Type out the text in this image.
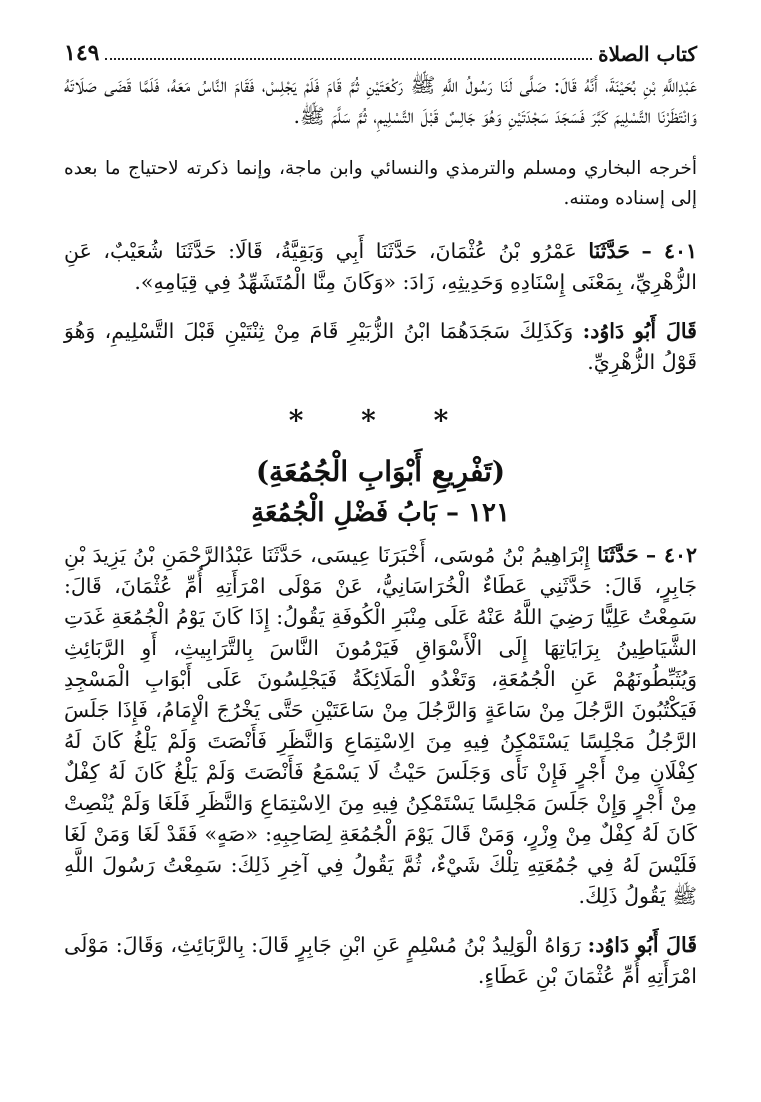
كتاب الصلاة
١٤٩

عَبْدِاللَّهِ بْنِ بُحَيْنَةَ، أَنَّهُ قَالَ: صَلَّى لَنَا رَسُولُ اللَّهِ ﷺ رَكْعَتَيْنِ ثُمَّ قَامَ فَلَمْ يَجْلِسْ، فَقَامَ النَّاسُ مَعَهُ، فَلَمَّا قَضَى صَلَاتَهُ وَانْتَظَرْنَا التَّسْلِيمَ كَبَّرَ فَسَجَدَ سَجْدَتَيْنِ وَهُوَ جَالِسٌ قَبْلَ التَّسْلِيمِ، ثُمَّ سَلَّمَ ﷺ.

أخرجه البخاري ومسلم والترمذي والنسائي وابن ماجة، وإنما ذكرته لاحتياج ما بعده إلى إسناده ومتنه.

٤٠١ – حَدَّثَنَا عَمْرُو بْنُ عُثْمَانَ، حَدَّثَنَا أَبِي وَبَقِيَّةُ، قَالَا: حَدَّثَنَا شُعَيْبٌ، عَنِ الزُّهْرِيِّ، بِمَعْنَى إِسْنَادِهِ وَحَدِيثِهِ، زَادَ: «وَكَانَ مِنَّا الْمُتَشَهِّدُ فِي قِيَامِهِ».

قَالَ أَبُو دَاوُد: وَكَذَلِكَ سَجَدَهُمَا ابْنُ الزُّبَيْرِ قَامَ مِنْ ثِنْتَيْنِ قَبْلَ التَّسْلِيمِ، وَهُوَ قَوْلُ الزُّهْرِيِّ.

* * *
(تَفْرِيعِ أَبْوَابِ الْجُمُعَةِ)
١٢١ – بَابُ فَضْلِ الْجُمُعَةِ

٤٠٢ – حَدَّثَنَا إِبْرَاهِيمُ بْنُ مُوسَى، أَخْبَرَنَا عِيسَى، حَدَّثَنَا عَبْدُالرَّحْمَنِ بْنُ يَزِيدَ بْنِ جَابِرٍ، قَالَ: حَدَّثَنِي عَطَاءٌ الْخُرَاسَانِيُّ، عَنْ مَوْلَى امْرَأَتِهِ أُمِّ عُثْمَانَ، قَالَ: سَمِعْتُ عَلِيًّا رَضِيَ اللَّهُ عَنْهُ عَلَى مِنْبَرِ الْكُوفَةِ يَقُولُ: إِذَا كَانَ يَوْمُ الْجُمُعَةِ غَدَتِ الشَّيَاطِينُ بِرَايَاتِهَا إِلَى الْأَسْوَاقِ فَيَرْمُونَ النَّاسَ بِالتَّرَابِيثِ، أَوِ الرَّبَائِثِ وَيُثَبِّطُونَهُمْ عَنِ الْجُمُعَةِ، وَتَغْدُو الْمَلَائِكَةُ فَيَجْلِسُونَ عَلَى أَبْوَابِ الْمَسْجِدِ فَيَكْتُبُونَ الرَّجُلَ مِنْ سَاعَةٍ وَالرَّجُلَ مِنْ سَاعَتَيْنِ حَتَّى يَخْرُجَ الْإِمَامُ، فَإِذَا جَلَسَ الرَّجُلُ مَجْلِسًا يَسْتَمْكِنُ فِيهِ مِنَ الِاسْتِمَاعِ وَالنَّظَرِ فَأَنْصَتَ وَلَمْ يَلْغُ كَانَ لَهُ كِفْلَانِ مِنْ أَجْرٍ فَإِنْ نَأَى وَجَلَسَ حَيْثُ لَا يَسْمَعُ فَأَنْصَتَ وَلَمْ يَلْغُ كَانَ لَهُ كِفْلٌ مِنْ أَجْرٍ وَإِنْ جَلَسَ مَجْلِسًا يَسْتَمْكِنُ فِيهِ مِنَ الِاسْتِمَاعِ وَالنَّظَرِ فَلَغَا وَلَمْ يُنْصِتْ كَانَ لَهُ كِفْلٌ مِنْ وِزْرٍ، وَمَنْ قَالَ يَوْمَ الْجُمُعَةِ لِصَاحِبِهِ: «صَهٍ» فَقَدْ لَغَا وَمَنْ لَغَا فَلَيْسَ لَهُ فِي جُمُعَتِهِ تِلْكَ شَيْءٌ، ثُمَّ يَقُولُ فِي آخِرِ ذَلِكَ: سَمِعْتُ رَسُولَ اللَّهِ ﷺ يَقُولُ ذَلِكَ.

قَالَ أَبُو دَاوُد: رَوَاهُ الْوَلِيدُ بْنُ مُسْلِمٍ عَنِ ابْنِ جَابِرٍ قَالَ: بِالرَّبَائِثِ، وَقَالَ: مَوْلَى امْرَأَتِهِ أُمِّ عُثْمَانَ بْنِ عَطَاءٍ.
